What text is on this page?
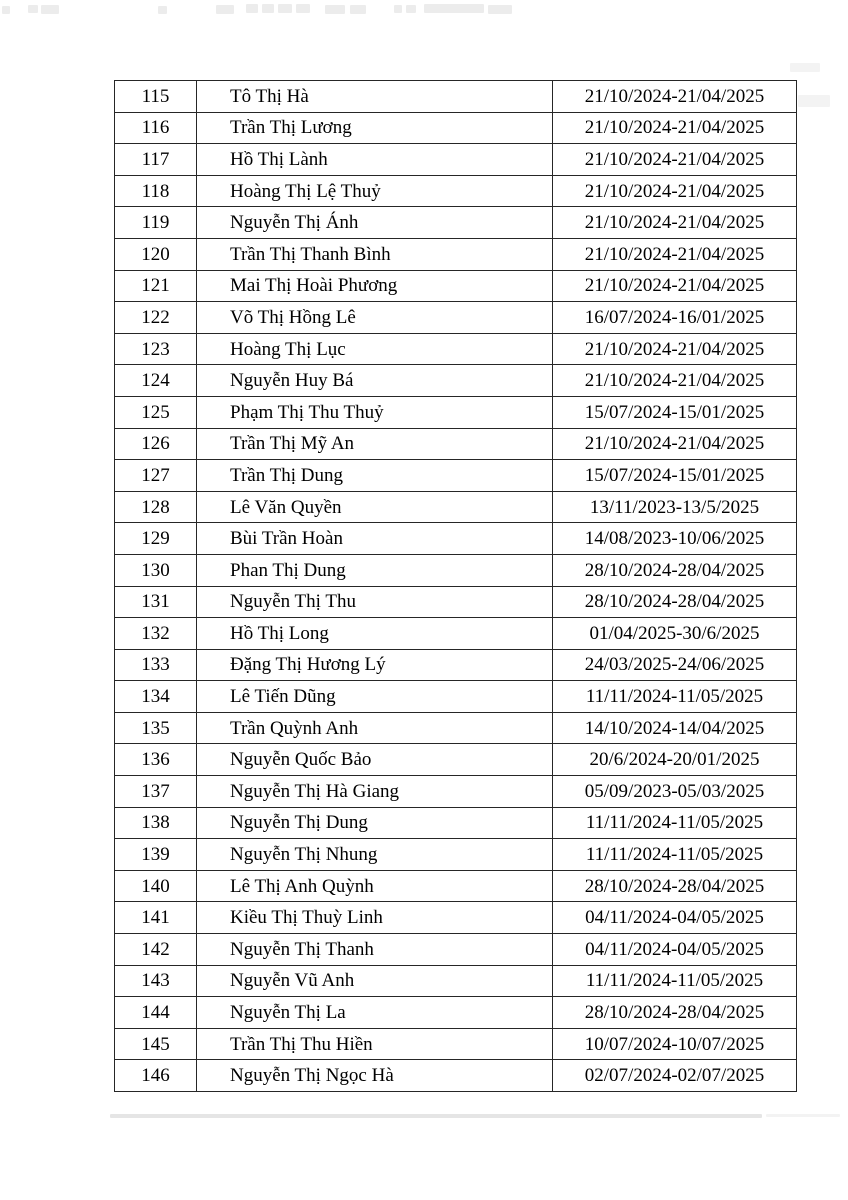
115	Tô Thị Hà	21/10/2024-21/04/2025
116	Trần Thị Lương	21/10/2024-21/04/2025
117	Hồ Thị Lành	21/10/2024-21/04/2025
118	Hoàng Thị Lệ Thuỷ	21/10/2024-21/04/2025
119	Nguyễn Thị Ánh	21/10/2024-21/04/2025
120	Trần Thị Thanh Bình	21/10/2024-21/04/2025
121	Mai Thị Hoài Phương	21/10/2024-21/04/2025
122	Võ Thị Hồng Lê	16/07/2024-16/01/2025
123	Hoàng Thị Lục	21/10/2024-21/04/2025
124	Nguyễn Huy Bá	21/10/2024-21/04/2025
125	Phạm Thị Thu Thuỷ	15/07/2024-15/01/2025
126	Trần Thị Mỹ An	21/10/2024-21/04/2025
127	Trần Thị Dung	15/07/2024-15/01/2025
128	Lê Văn Quyền	13/11/2023-13/5/2025
129	Bùi Trần Hoàn	14/08/2023-10/06/2025
130	Phan Thị Dung	28/10/2024-28/04/2025
131	Nguyễn Thị Thu	28/10/2024-28/04/2025
132	Hồ Thị Long	01/04/2025-30/6/2025
133	Đặng Thị Hương Lý	24/03/2025-24/06/2025
134	Lê Tiến Dũng	11/11/2024-11/05/2025
135	Trần Quỳnh Anh	14/10/2024-14/04/2025
136	Nguyễn Quốc Bảo	20/6/2024-20/01/2025
137	Nguyễn Thị Hà Giang	05/09/2023-05/03/2025
138	Nguyễn Thị Dung	11/11/2024-11/05/2025
139	Nguyễn Thị Nhung	11/11/2024-11/05/2025
140	Lê Thị Anh Quỳnh	28/10/2024-28/04/2025
141	Kiều Thị Thuỳ Linh	04/11/2024-04/05/2025
142	Nguyễn Thị Thanh	04/11/2024-04/05/2025
143	Nguyễn Vũ Anh	11/11/2024-11/05/2025
144	Nguyễn Thị La	28/10/2024-28/04/2025
145	Trần Thị Thu Hiền	10/07/2024-10/07/2025
146	Nguyễn Thị Ngọc Hà	02/07/2024-02/07/2025
